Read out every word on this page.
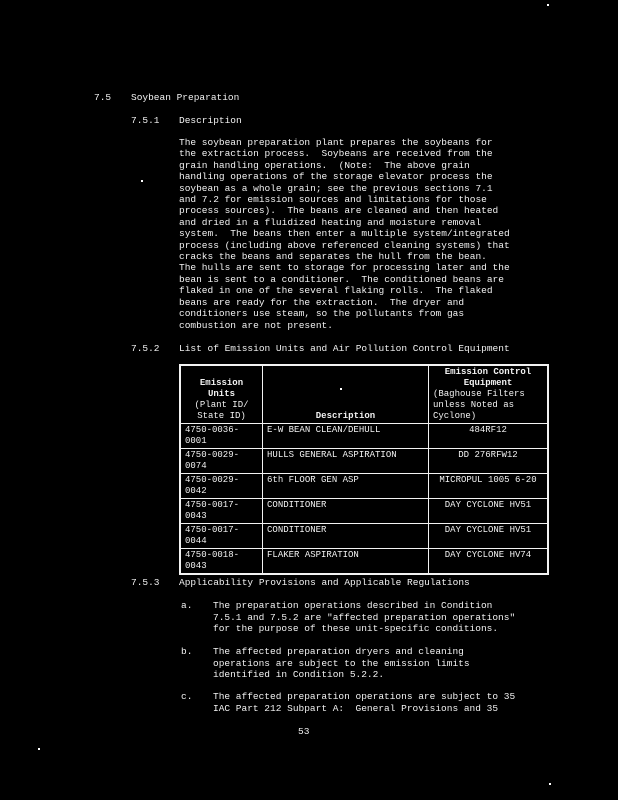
7.5 Soybean Preparation
7.5.1 Description
The soybean preparation plant prepares the soybeans for
the extraction process.  Soybeans are received from the
grain handling operations.  (Note:  The above grain
handling operations of the storage elevator process the
soybean as a whole grain; see the previous sections 7.1
and 7.2 for emission sources and limitations for those
process sources).  The beans are cleaned and then heated
and dried in a fluidized heating and moisture removal
system.  The beans then enter a multiple system/integrated
process (including above referenced cleaning systems) that
cracks the beans and separates the hull from the bean.
The hulls are sent to storage for processing later and the
bean is sent to a conditioner.  The conditioned beans are
flaked in one of the several flaking rolls.  The flaked
beans are ready for the extraction.  The dryer and
conditioners use steam, so the pollutants from gas
combustion are not present.
7.5.2 List of Emission Units and Air Pollution Control Equipment
Emission
Units
(Plant ID/
State ID)	Description	Emission Control
Equipment
(Baghouse Filters
unless Noted as
Cyclone)

4750-0036-
0001	E-W BEAN CLEAN/DEHULL	484RF12
4750-0029-
0074	HULLS GENERAL ASPIRATION	DD 276RFW12
4750-0029-
0042	6th FLOOR GEN ASP	MICROPUL 1005 6-20
4750-0017-
0043	CONDITIONER	DAY CYCLONE HV51
4750-0017-
0044	CONDITIONER	DAY CYCLONE HV51
4750-0018-
0043	FLAKER ASPIRATION	DAY CYCLONE HV74
7.5.3 Applicability Provisions and Applicable Regulations
a. The preparation operations described in Condition
7.5.1 and 7.5.2 are "affected preparation operations"
for the purpose of these unit-specific conditions.
b. The affected preparation dryers and cleaning
operations are subject to the emission limits
identified in Condition 5.2.2.
c. The affected preparation operations are subject to 35
IAC Part 212 Subpart A:  General Provisions and 35
53
